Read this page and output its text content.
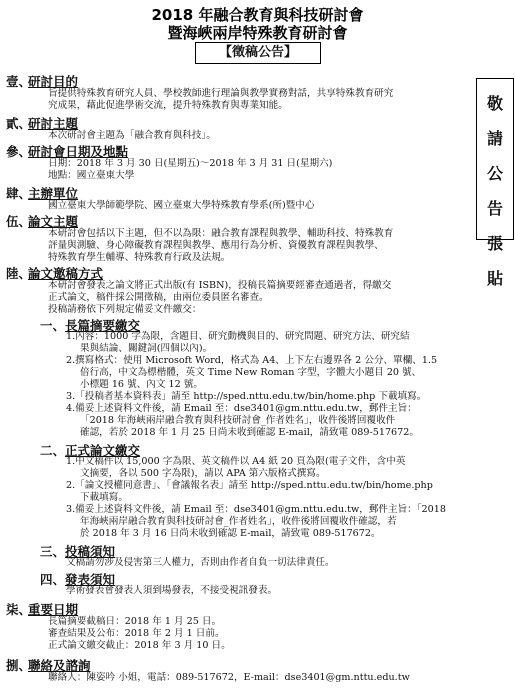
2018 年融合教育與科技研討會
暨海峽兩岸特殊教育研討會
【徵稿公告】
敬
請
公
告
張
貼
壹、研討目的
旨提供特殊教育研究人員、學校教師進行理論與教學實務對話，共享特殊教育研究
究成果，藉此促進學術交流，提升特殊教育與專業知能。
貳、研討主題
本次研討會主題為「融合教育與科技」。
參、研討會日期及地點
日期：2018 年 3 月 30 日(星期五)～2018 年 3 月 31 日(星期六)
地點：國立臺東大學
肆、主辦單位
國立臺東大學師範學院、國立臺東大學特殊教育學系(所)暨中心
伍、論文主題
本研討會包括以下主題，但不以為限：融合教育課程與教學、輔助科技、特殊教育
評量與測驗、身心障礙教育課程與教學、應用行為分析、資優教育課程與教學、
特殊教育學生輔導、特殊教育行政及法規。
陸、論文邀稿方式
本研討會發表之論文將正式出版(有 ISBN)，投稿長篇摘要經審查通過者，得繳交
正式論文，稿件採公開徵稿，由兩位委員匿名審查。
投稿請務依下列規定備妥文件繳交：
一、長篇摘要繳交
1.內容：1000 字為限，含題目、研究動機與目的、研究問題、研究方法、研究結
果與結論、關鍵詞(四個以內)。
2.撰寫格式：使用 Microsoft Word，格式為 A4、上下左右邊界各 2 公分、單欄、1.5
倍行高，中文為標楷體，英文 Time New Roman 字型，字體大小題目 20 號、
小標題 16 號、內文 12 號。
3.「投稿者基本資料表」請至 http://sped.nttu.edu.tw/bin/home.php 下載填寫。
4.備妥上述資料文件後，請 Email 至：dse3401@gm.nttu.edu.tw，郵件主旨：
「2018 年海峽兩岸融合教育與科技研討會_作者姓名」，收件後將回覆收件
確認，若於 2018 年 1 月 25 日尚未收到確認 E-mail，請致電 089-517672。
二、正式論文繳交
1.中文稿件以 15,000 字為限、英文稿件以 A4 紙 20 頁為限(電子文件，含中英
文摘要，各以 500 字為限)，請以 APA 第六版格式撰寫。
2.「論文授權同意書」、「會議報名表」請至 http://sped.nttu.edu.tw/bin/home.php
下載填寫。
3.備妥上述資料文件後，請 Email 至：dse3401@gm.nttu.edu.tw，郵件主旨：「2018
年海峽兩岸融合教育與科技研討會_作者姓名」，收件後將回覆收件確認，若
於 2018 年 3 月 16 日尚未收到確認 E-mail，請致電 089-517672。
三、投稿須知
文稿請勿涉及侵害第三人權力，否則由作者自負一切法律責任。
四、發表須知
學術發表會發表人須到場發表，不接受視訊發表。
柒、重要日期
長篇摘要截稿日：2018 年 1 月 25 日。
審查結果及公布：2018 年 2 月 1 日前。
正式論文繳交截止：2018 年 3 月 10 日。
捌、聯絡及諮詢
聯絡人：陳姿吟 小姐，電話：089-517672，E-mail：dse3401@gm.nttu.edu.tw
